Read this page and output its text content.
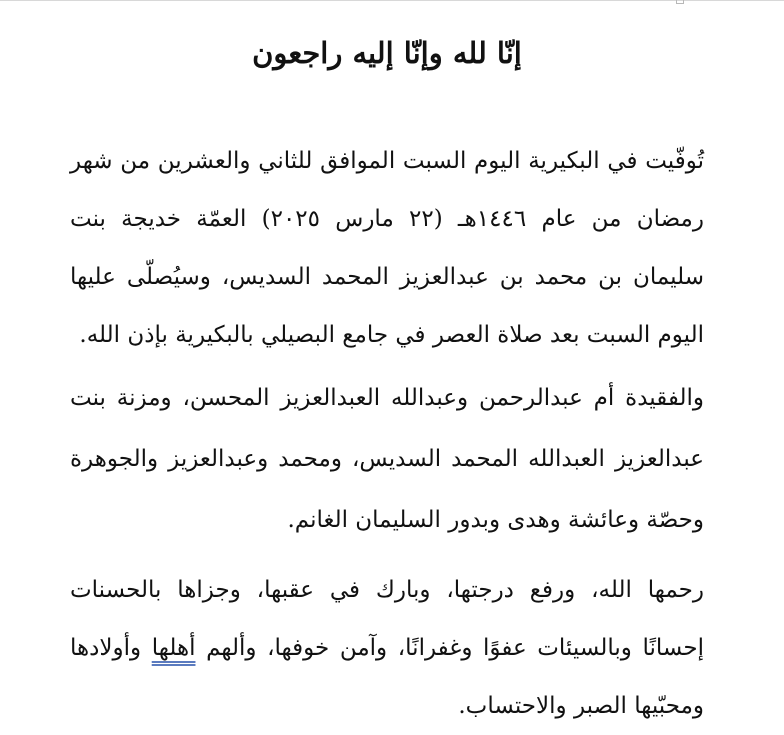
إنّا لله وإنّا إليه راجعون

تُوفّيت في البكيرية اليوم السبت الموافق للثاني والعشرين من شهر رمضان من عام ١٤٤٦هـ (٢٢ مارس ٢٠٢٥) العمّة خديجة بنت سليمان بن محمد بن عبدالعزيز المحمد السديس، وسيُصلّى عليها اليوم السبت بعد صلاة العصر في جامع البصيلي بالبكيرية بإذن الله.

والفقيدة أم عبدالرحمن وعبدالله العبدالعزيز المحسن، ومزنة بنت عبدالعزيز العبدالله المحمد السديس، ومحمد وعبدالعزيز والجوهرة وحصّة وعائشة وهدى وبدور السليمان الغانم.

رحمها الله، ورفع درجتها، وبارك في عقبها، وجزاها بالحسنات إحسانًا وبالسيئات عفوًا وغفرانًا، وآمن خوفها، وألهم أهلها وأولادها ومحبّيها الصبر والاحتساب.
